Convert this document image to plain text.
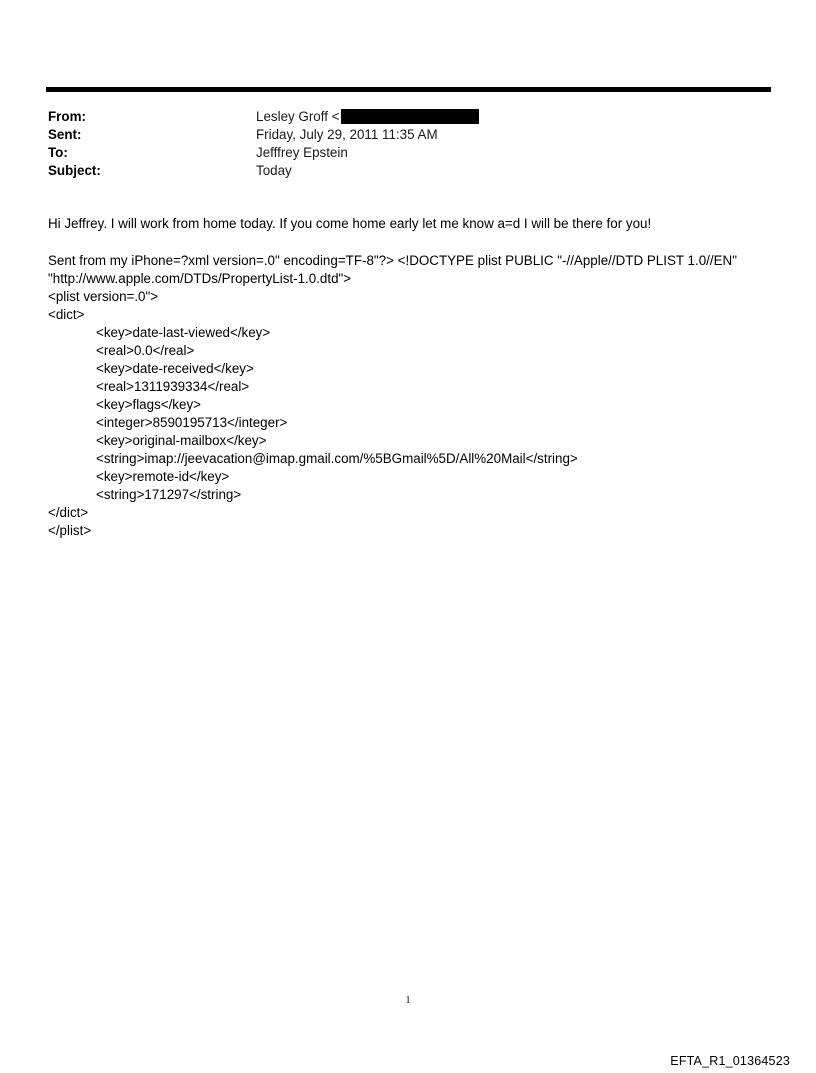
From:	Lesley Groff <
Sent:	Friday, July 29, 2011 11:35 AM
To:	Jefffrey Epstein
Subject:	Today
Hi Jeffrey. I will work from home today. If you come home early let me know a=d I will be there for you!
Sent from my iPhone=?xml version=.0" encoding=TF-8"?> <!DOCTYPE plist PUBLIC "-//Apple//DTD PLIST 1.0//EN"
"http://www.apple.com/DTDs/PropertyList-1.0.dtd">
<plist version=.0">
<dict>
<key>date-last-viewed</key>
<real>0.0</real>
<key>date-received</key>
<real>1311939334</real>
<key>flags</key>
<integer>8590195713</integer>
<key>original-mailbox</key>
<string>imap://jeevacation@imap.gmail.com/%5BGmail%5D/All%20Mail</string>
<key>remote-id</key>
<string>171297</string>
</dict>
</plist>
1
EFTA_R1_01364523
